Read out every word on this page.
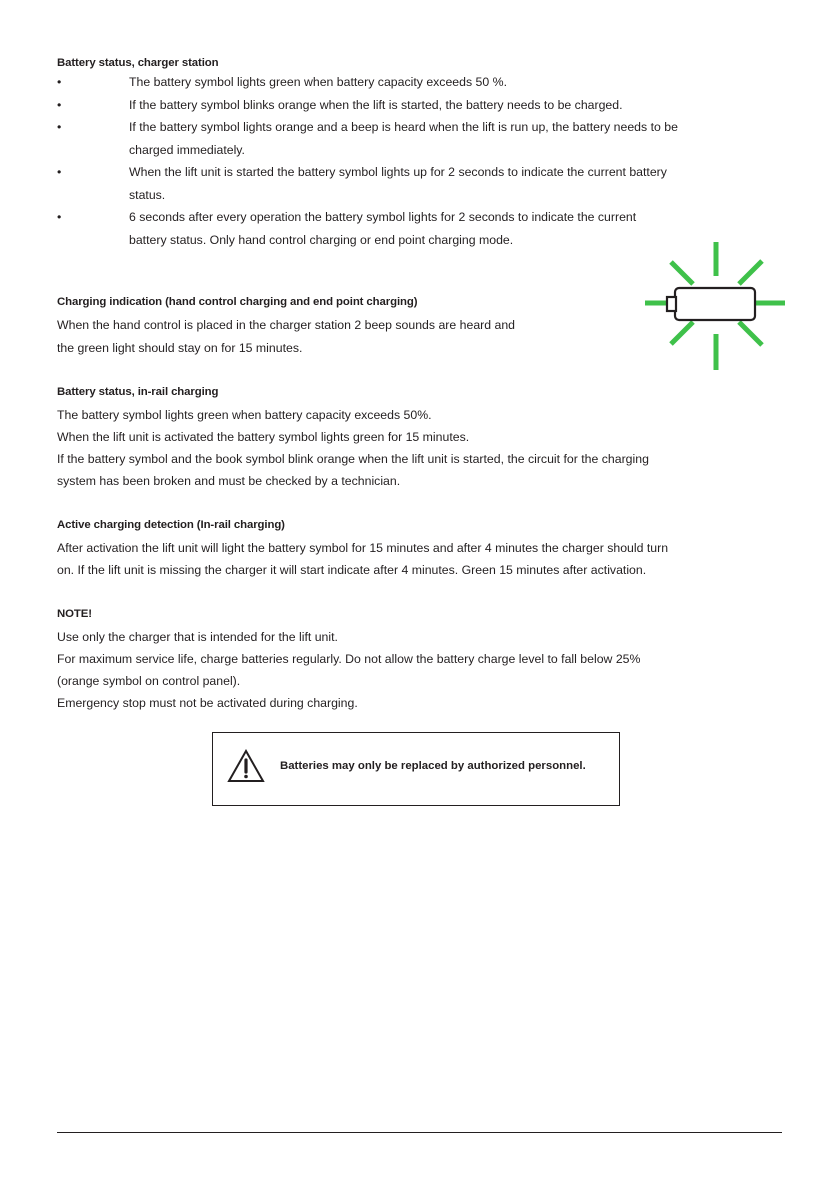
Battery status, charger station
•	The battery symbol lights green when battery capacity exceeds 50 %.
•	If the battery symbol blinks orange when the lift is started, the battery needs to be charged.
•	If the battery symbol lights orange and a beep is heard when the lift is run up, the battery needs to be
charged immediately.
•	When the lift unit is started the battery symbol lights up for 2 seconds to indicate the current battery
status.
•	6 seconds after every operation the battery symbol lights for 2 seconds to indicate the current
battery status. Only hand control charging or end point charging mode.
Charging indication (hand control charging and end point charging)

When the hand control is placed in the charger station 2 beep sounds are heard and

the green light should stay on for 15 minutes.

Battery status, in-rail charging

The battery symbol lights green when battery capacity exceeds 50%.

When the lift unit is activated the battery symbol lights green for 15 minutes.

If the battery symbol and the book symbol blink orange when the lift unit is started, the circuit for the charging

system has been broken and must be checked by a technician.

Active charging detection (In-rail charging)

After activation the lift unit will light the battery symbol for 15 minutes and after 4 minutes the charger should turn

on. If the lift unit is missing the charger it will start indicate after 4 minutes. Green 15 minutes after activation.

NOTE!

Use only the charger that is intended for the lift unit.

For maximum service life, charge batteries regularly. Do not allow the battery charge level to fall below 25%

(orange symbol on control panel).

Emergency stop must not be activated during charging.

Batteries may only be replaced by authorized personnel.
